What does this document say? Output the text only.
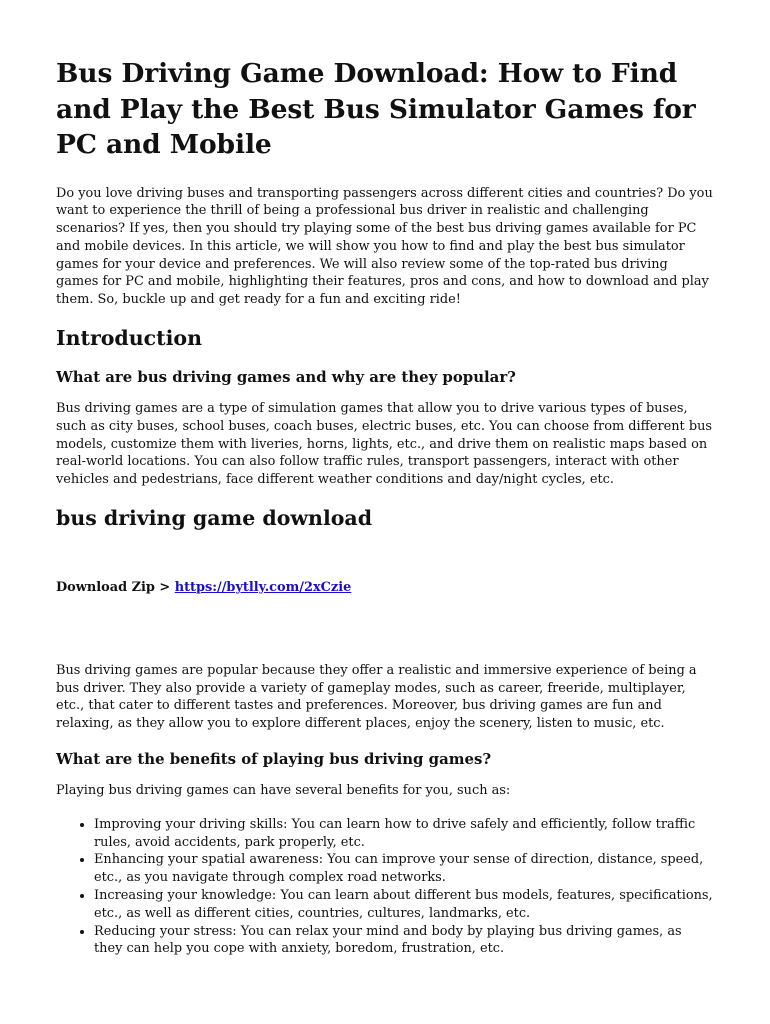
Bus Driving Game Download: How to Find and Play the Best Bus Simulator Games for PC and Mobile

Do you love driving buses and transporting passengers across different cities and countries? Do you want to experience the thrill of being a professional bus driver in realistic and challenging scenarios? If yes, then you should try playing some of the best bus driving games available for PC and mobile devices. In this article, we will show you how to find and play the best bus simulator games for your device and preferences. We will also review some of the top-rated bus driving games for PC and mobile, highlighting their features, pros and cons, and how to download and play them. So, buckle up and get ready for a fun and exciting ride!

Introduction
What are bus driving games and why are they popular?

Bus driving games are a type of simulation games that allow you to drive various types of buses, such as city buses, school buses, coach buses, electric buses, etc. You can choose from different bus models, customize them with liveries, horns, lights, etc., and drive them on realistic maps based on real-world locations. You can also follow traffic rules, transport passengers, interact with other vehicles and pedestrians, face different weather conditions and day/night cycles, etc.

bus driving game download
Download Zip > https://bytlly.com/2xCzie

Bus driving games are popular because they offer a realistic and immersive experience of being a bus driver. They also provide a variety of gameplay modes, such as career, freeride, multiplayer, etc., that cater to different tastes and preferences. Moreover, bus driving games are fun and relaxing, as they allow you to explore different places, enjoy the scenery, listen to music, etc.

What are the benefits of playing bus driving games?

Playing bus driving games can have several benefits for you, such as:

• Improving your driving skills: You can learn how to drive safely and efficiently, follow traffic rules, avoid accidents, park properly, etc.
• Enhancing your spatial awareness: You can improve your sense of direction, distance, speed, etc., as you navigate through complex road networks.
• Increasing your knowledge: You can learn about different bus models, features, specifications, etc., as well as different cities, countries, cultures, landmarks, etc.
• Reducing your stress: You can relax your mind and body by playing bus driving games, as they can help you cope with anxiety, boredom, frustration, etc.
